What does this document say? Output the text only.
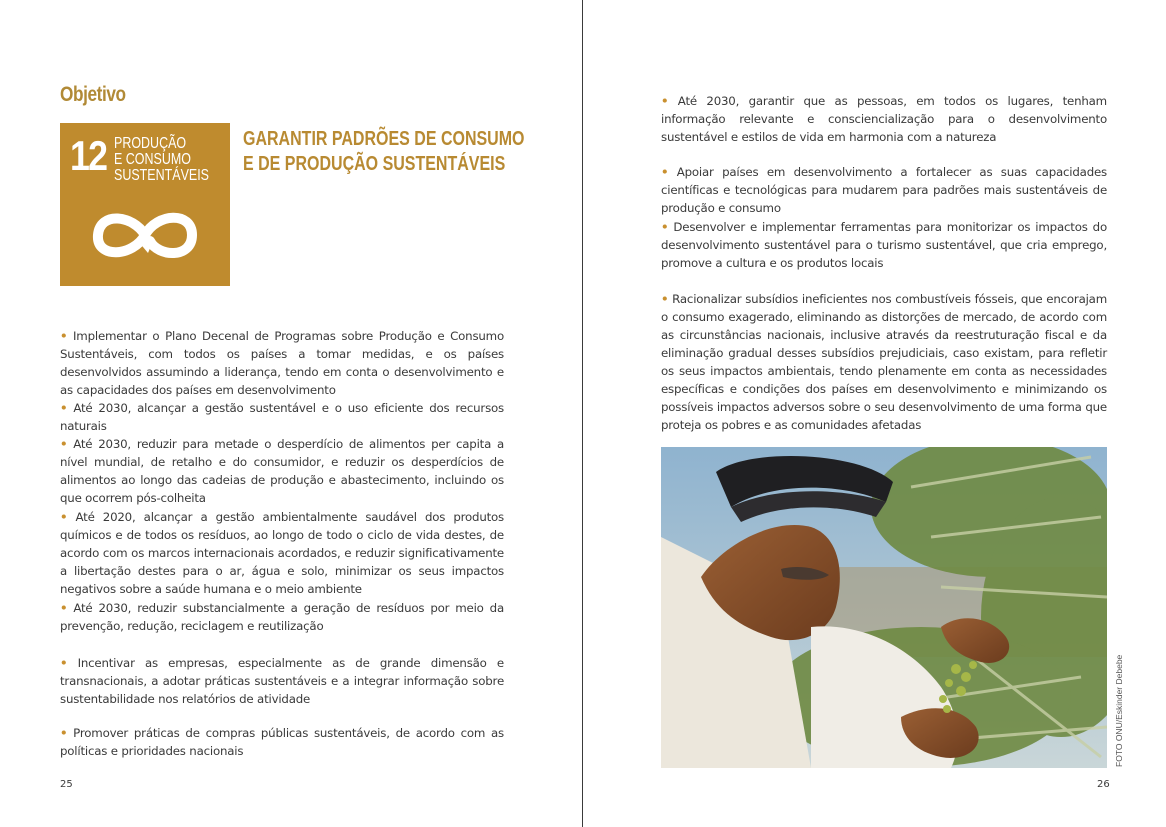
Objetivo
12 PRODUÇÃO
E CONSUMO
SUSTENTÁVEIS
GARANTIR PADRÕES DE CONSUMO
E DE PRODUÇÃO SUSTENTÁVEIS

• Implementar o Plano Decenal de Programas sobre Produção e Consumo Sustentáveis, com todos os países a tomar medidas, e os países desenvolvidos assumindo a liderança, tendo em conta o desenvolvimento e as capacidades dos países em desenvolvimento

• Até 2030, alcançar a gestão sustentável e o uso eficiente dos recursos naturais

• Até 2030, reduzir para metade o desperdício de alimentos per capita a nível mundial, de retalho e do consumidor, e reduzir os desperdícios de alimentos ao longo das cadeias de produção e abastecimento, incluindo os que ocorrem pós-colheita

• Até 2020, alcançar a gestão ambientalmente saudável dos produtos químicos e de todos os resíduos, ao longo de todo o ciclo de vida destes, de acordo com os marcos internacionais acordados, e reduzir significativamente a libertação destes para o ar, água e solo, minimizar os seus impactos negativos sobre a saúde humana e o meio ambiente

• Até 2030, reduzir substancialmente a geração de resíduos por meio da prevenção, redução, reciclagem e reutilização

• Incentivar as empresas, especialmente as de grande dimensão e transnacionais, a adotar práticas sustentáveis e a integrar informação sobre sustentabilidade nos relatórios de atividade

• Promover práticas de compras públicas sustentáveis, de acordo com as políticas e prioridades nacionais

25

• Até 2030, garantir que as pessoas, em todos os lugares, tenham informação relevante e consciencialização para o desenvolvimento sustentável e estilos de vida em harmonia com a natureza

• Apoiar países em desenvolvimento a fortalecer as suas capacidades científicas e tecnológicas para mudarem para padrões mais sustentáveis de produção e consumo

• Desenvolver e implementar ferramentas para monitorizar os impactos do desenvolvimento sustentável para o turismo sustentável, que cria emprego, promove a cultura e os produtos locais

• Racionalizar subsídios ineficientes nos combustíveis fósseis, que encorajam o consumo exagerado, eliminando as distorções de mercado, de acordo com as circunstâncias nacionais, inclusive através da reestruturação fiscal e da eliminação gradual desses subsídios prejudiciais, caso existam, para refletir os seus impactos ambientais, tendo plenamente em conta as necessidades específicas e condições dos países em desenvolvimento e minimizando os possíveis impactos adversos sobre o seu desenvolvimento de uma forma que proteja os pobres e as comunidades afetadas

FOTO ONU/Eskinder Debebe
26
